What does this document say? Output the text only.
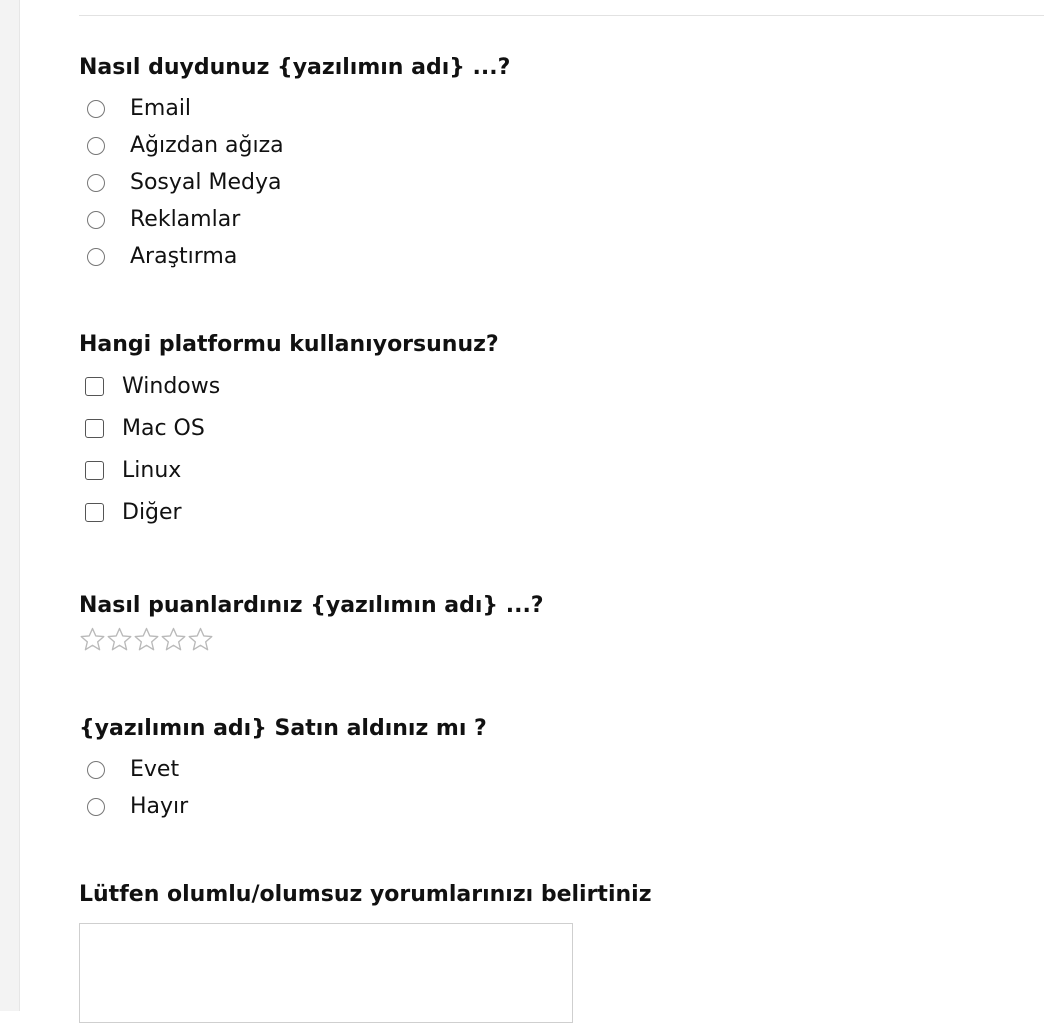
Nasıl duydunuz {yazılımın adı} ...?
Email
Ağızdan ağıza
Sosyal Medya
Reklamlar
Araştırma
Hangi platformu kullanıyorsunuz?
Windows
Mac OS
Linux
Diğer
Nasıl puanlardınız {yazılımın adı} ...?
{yazılımın adı} Satın aldınız mı ?
Evet
Hayır
Lütfen olumlu/olumsuz yorumlarınızı belirtiniz
